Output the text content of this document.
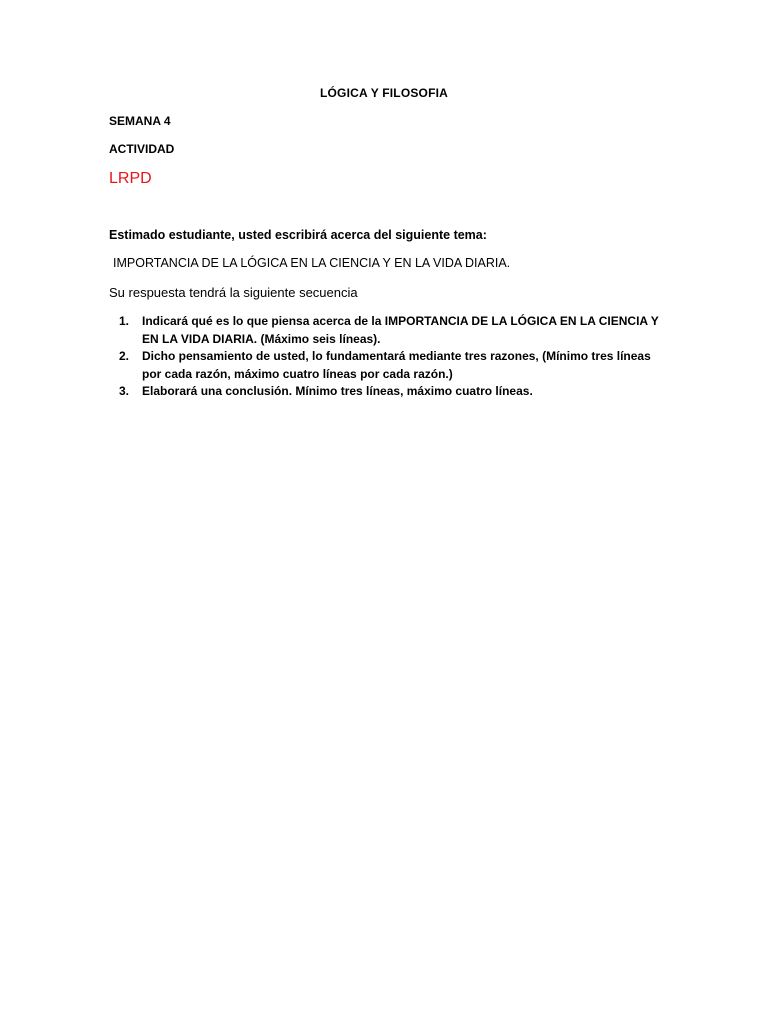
LÓGICA Y FILOSOFIA
SEMANA 4
ACTIVIDAD
LRPD
Estimado estudiante, usted escribirá acerca del siguiente tema:
IMPORTANCIA DE LA LÓGICA EN LA CIENCIA Y EN LA VIDA DIARIA.
Su respuesta tendrá la siguiente secuencia
1. Indicará qué es lo que piensa acerca de la IMPORTANCIA DE LA LÓGICA EN LA CIENCIA Y EN LA VIDA DIARIA. (Máximo seis líneas).
2. Dicho pensamiento de usted, lo fundamentará mediante tres razones, (Mínimo tres líneas por cada razón, máximo cuatro líneas por cada razón.)
3. Elaborará una conclusión. Mínimo tres líneas, máximo cuatro líneas.
